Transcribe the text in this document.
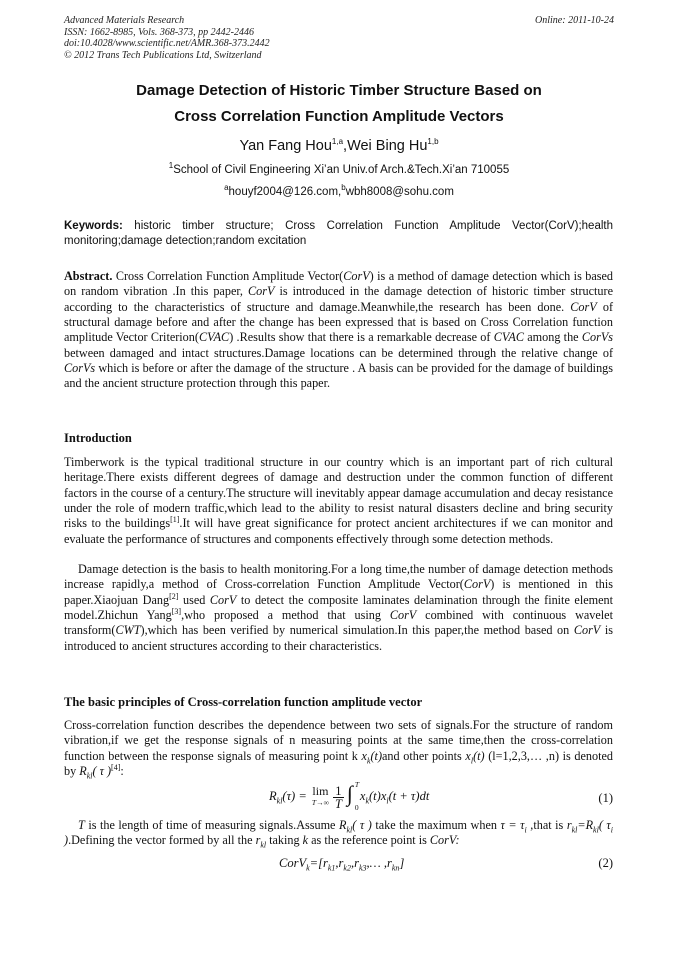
Advanced Materials Research
ISSN: 1662-8985, Vols. 368-373, pp 2442-2446
doi:10.4028/www.scientific.net/AMR.368-373.2442
© 2012 Trans Tech Publications Ltd, Switzerland
Online: 2011-10-24
Damage Detection of Historic Timber Structure Based on
Cross Correlation Function Amplitude Vectors
Yan Fang Hou$^{1,a}$,Wei Bing Hu$^{1,b}$
$^1$School of Civil Engineering Xi’an Univ.of Arch.&Tech.Xi’an 710055
$^a$houyf2004@126.com,$^b$wbh8008@sohu.com
Keywords: historic timber structure; Cross Correlation Function Amplitude Vector(CorV);health monitoring;damage detection;random excitation
Abstract. Cross Correlation Function Amplitude Vector(CorV) is a method of damage detection which is based on random vibration .In this paper, CorV is introduced in the damage detection of historic timber structure according to the characteristics of structure and damage.Meanwhile,the research has been done. CorV of structural damage before and after the change has been expressed that is based on Cross Correlation function amplitude Vector Criterion(CVAC) .Results show that there is a remarkable decrease of CVAC among the CorVs between damaged and intact structures.Damage locations can be determined through the relative change of CorVs which is before or after the damage of the structure . A basis can be provided for the damage of buildings and the ancient structure protection through this paper.
Introduction
Timberwork is the typical traditional structure in our country which is an important part of rich cultural heritage.There exists different degrees of damage and destruction under the common function of different factors in the course of a century.The structure will inevitably appear damage accumulation and decay resistance under the role of modern traffic,which lead to the ability to resist natural disasters decline and bring security risks to the buildings[1].It will have great significance for protect ancient architectures if we can monitor and evaluate the performance of structures and components effectively through some detection methods.
Damage detection is the basis to health monitoring.For a long time,the number of damage detection methods increase rapidly,a method of Cross-correlation Function Amplitude Vector(CorV) is mentioned in this paper.Xiaojuan Dang[2] used CorV to detect the composite laminates delamination through the finite element model.Zhichun Yang[3],who proposed a method that using CorV combined with continuous wavelet transform(CWT),which has been verified by numerical simulation.In this paper,the method based on CorV is introduced to ancient structures according to their characteristics.
The basic principles of Cross-correlation function amplitude vector
Cross-correlation function describes the dependence between two sets of signals.For the structure of random vibration,if we get the response signals of n measuring points at the same time,then the cross-correlation function between the response signals of measuring point k $x_k(t)and$ other points $x_l(t)$ (l=1,2,3,… ,n) is denoted by $R_{kl}$( τ )[4]:
$R_{kl}(\tau) = \lim$
$T\to\infty \frac{1}{T}$ ∫ T
0
$x_k(t)x_l(t + \tau)dt$	(1)
T is the length of time of measuring signals.Assume $R_{kl}$( τ ) take the maximum when $\tau = \tau_i$ ,that is $r_{kl}=R_{kl}$( $\tau_i$ ).Defining the vector formed by all the $r_{kl}$ taking k as the reference point is CorV:
$CorV_k=[r_{k1},r_{k2},r_{k3},\dots$ $,r_{kn}$]	(2)
